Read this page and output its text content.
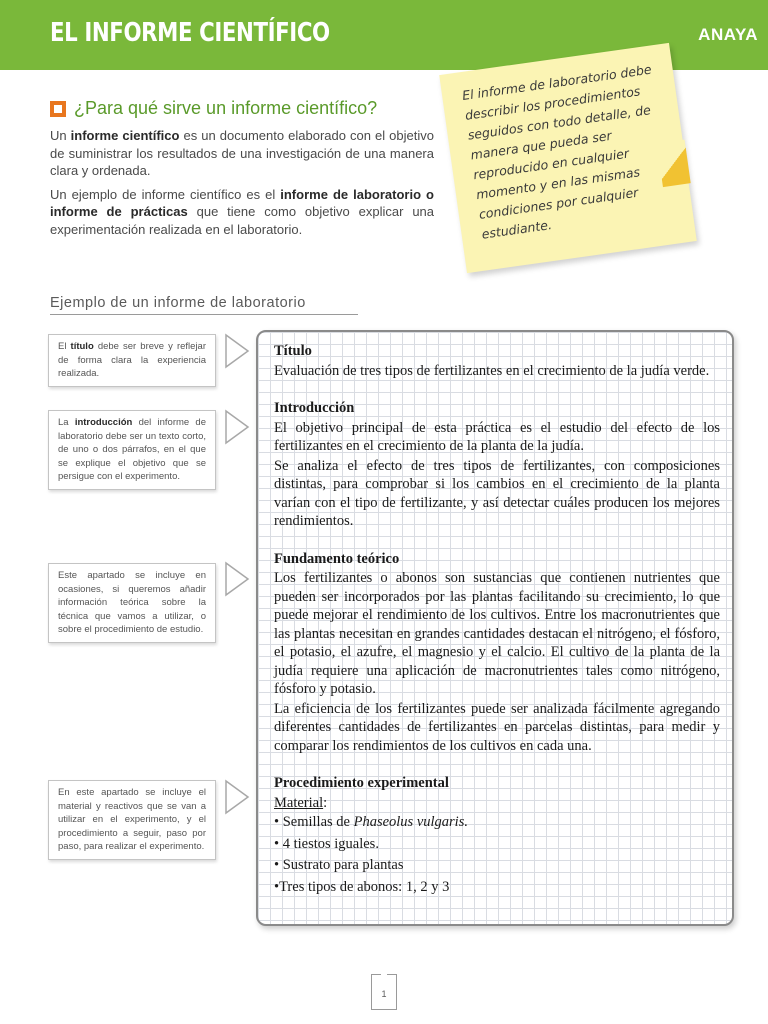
EL INFORME CIENTÍFICO	ANAYA
¿Para qué sirve un informe científico?

Un informe científico es un documento elaborado con el objetivo de suministrar los resultados de una investigación de una manera clara y ordenada.

Un ejemplo de informe científico es el informe de laboratorio o informe de prácticas que tiene como objetivo explicar una experimentación realizada en el laboratorio.

El informe de laboratorio debe describir los procedimientos seguidos con todo detalle, de manera que pueda ser reproducido en cualquier momento y en las mismas condiciones por cualquier estudiante.
Ejemplo de un informe de laboratorio
El título debe ser breve y reflejar de forma clara la experiencia realizada.
La introducción del informe de laboratorio debe ser un texto corto, de uno o dos párrafos, en el que se explique el objetivo que se persigue con el experimento.
Este apartado se incluye en ocasiones, si queremos añadir información teórica sobre la técnica que vamos a utilizar, o sobre el procedimiento de estudio.
En este apartado se incluye el material y reactivos que se van a utilizar en el experimento, y el procedimiento a seguir, paso por paso, para realizar el experimento.
Título

Evaluación de tres tipos de fertilizantes en el crecimiento de la judía verde.

Introducción

El objetivo principal de esta práctica es el estudio del efecto de los fertilizantes en el crecimiento de la planta de la judía.

Se analiza el efecto de tres tipos de fertilizantes, con composiciones distintas, para comprobar si los cambios en el crecimiento de la planta varían con el tipo de fertilizante, y así detectar cuáles producen los mejores rendimientos.

Fundamento teórico

Los fertilizantes o abonos son sustancias que contienen nutrientes que pueden ser incorporados por las plantas facilitando su crecimiento, lo que puede mejorar el rendimiento de los cultivos. Entre los macronutrientes que las plantas necesitan en grandes cantidades destacan el nitrógeno, el fósforo, el potasio, el azufre, el magnesio y el calcio. El cultivo de la planta de la judía requiere una aplicación de macronutrientes tales como nitrógeno, fósforo y potasio.

La eficiencia de los fertilizantes puede ser analizada fácilmente agregando diferentes cantidades de fertilizantes en parcelas distintas, para medir y comparar los rendimientos de los cultivos en cada una.

Procedimiento experimental

Material:

• Semillas de Phaseolus vulgaris.
• 4 tiestos iguales.
• Sustrato para plantas
•Tres tipos de abonos: 1, 2 y 3
1
